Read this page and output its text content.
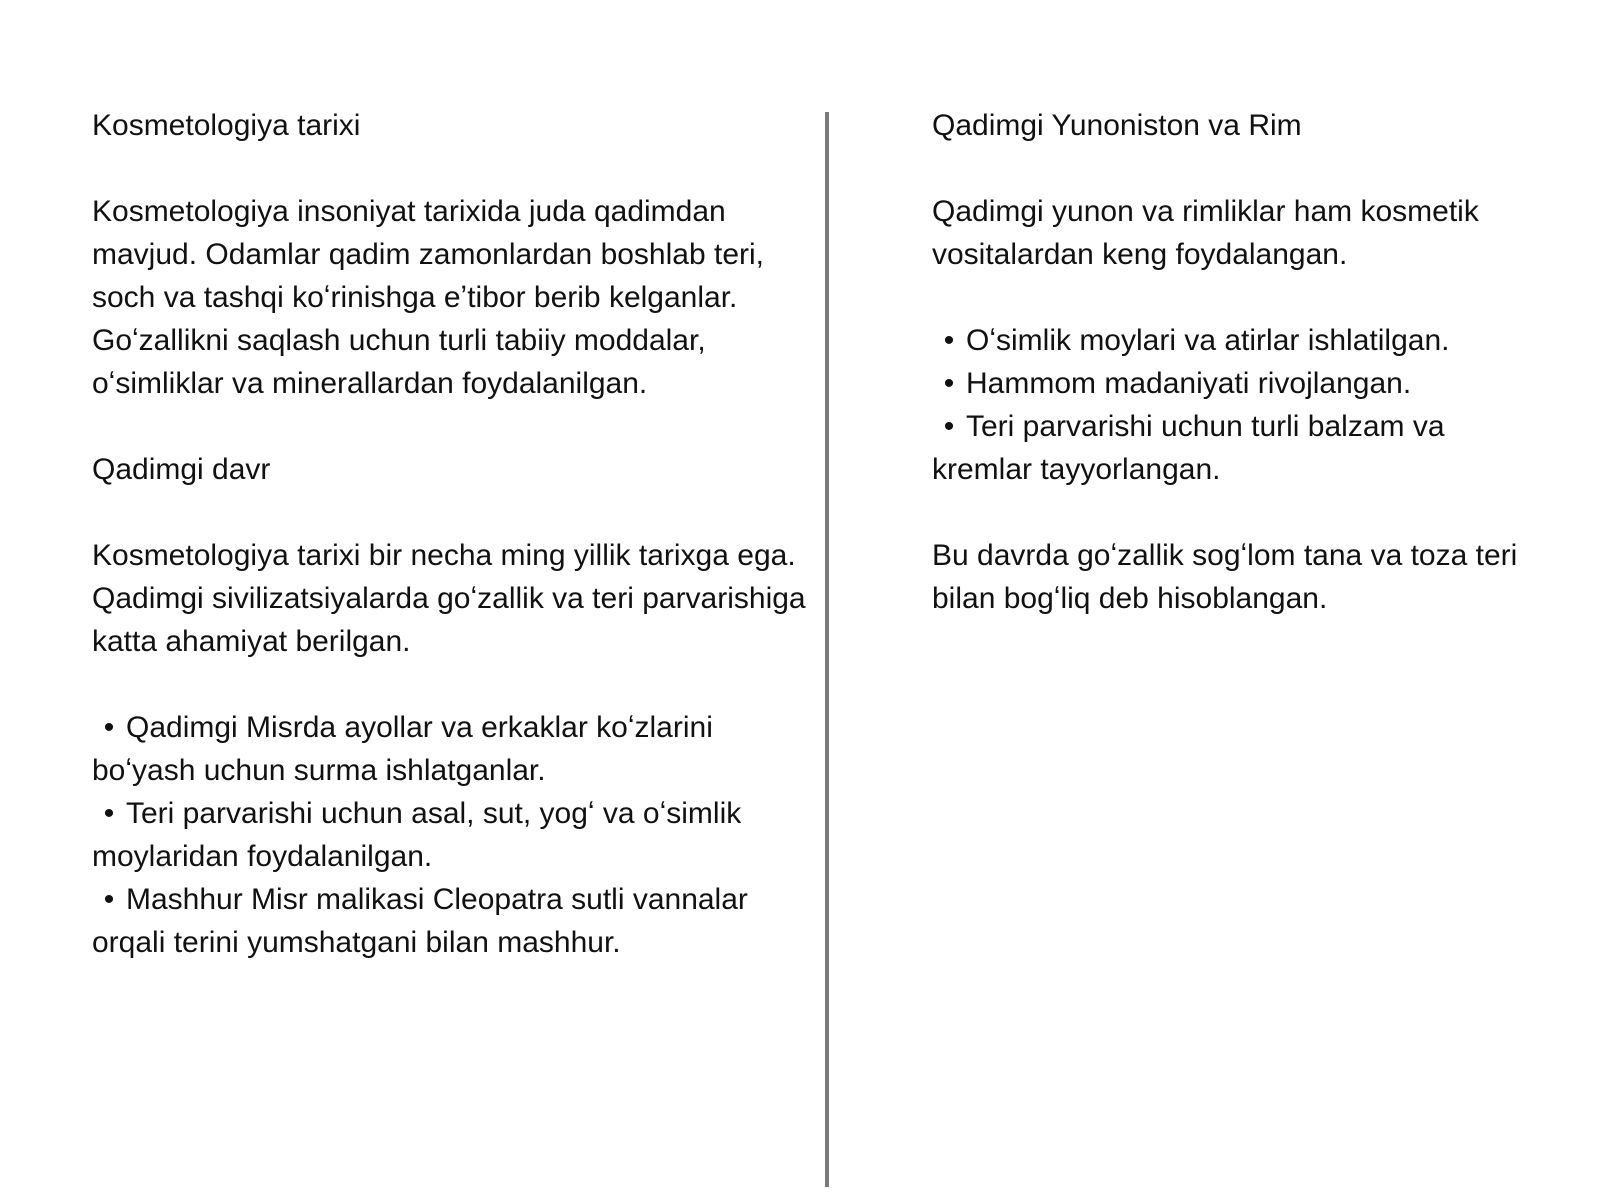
Kosmetologiya tarixi

Kosmetologiya insoniyat tarixida juda qadimdan mavjud. Odamlar qadim zamonlardan boshlab teri, soch va tashqi koʻrinishga eʼtibor berib kelganlar. Goʻzallikni saqlash uchun turli tabiiy moddalar, oʻsimliklar va minerallardan foydalanilgan.

Qadimgi davr

Kosmetologiya tarixi bir necha ming yillik tarixga ega. Qadimgi sivilizatsiyalarda goʻzallik va teri parvarishiga katta ahamiyat berilgan.

• Qadimgi Misrda ayollar va erkaklar koʻzlarini boʻyash uchun surma ishlatganlar.

• Teri parvarishi uchun asal, sut, yogʻ va oʻsimlik moylaridan foydalanilgan.

• Mashhur Misr malikasi Cleopatra sutli vannalar orqali terini yumshatgani bilan mashhur.

Qadimgi Yunoniston va Rim

Qadimgi yunon va rimliklar ham kosmetik vositalardan keng foydalangan.

• Oʻsimlik moylari va atirlar ishlatilgan.

• Hammom madaniyati rivojlangan.

• Teri parvarishi uchun turli balzam va kremlar tayyorlangan.

Bu davrda goʻzallik sogʻlom tana va toza teri bilan bogʻliq deb hisoblangan.
